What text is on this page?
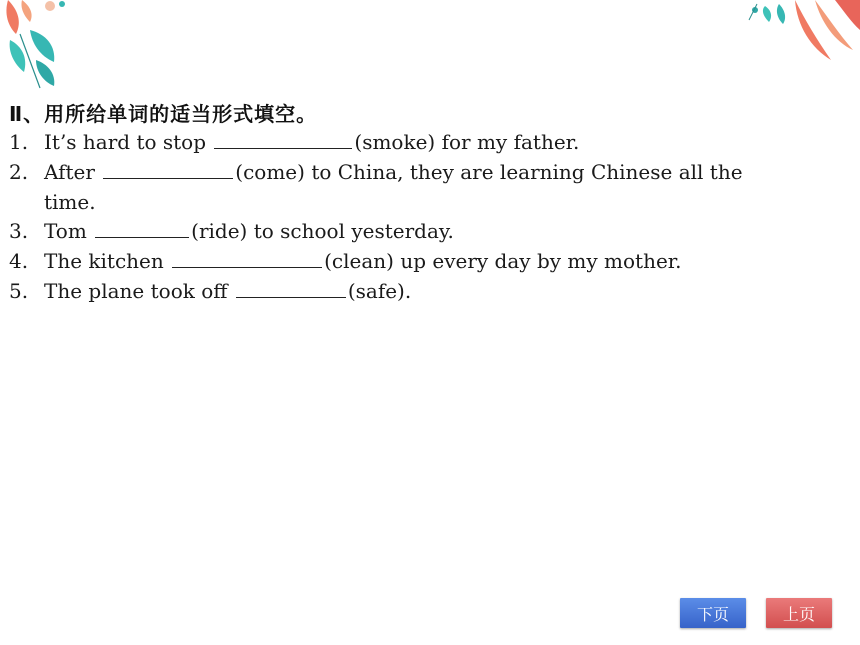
Ⅱ、用所给单词的适当形式填空。
1. It’s hard to stop	(smoke) for my father.
2. After	(come) to China, they are learning Chinese all the
time.
3. Tom	(ride) to school yesterday.
4. The kitchen	(clean) up every day by my mother.
5. The plane took off	(safe).
下页	上页
